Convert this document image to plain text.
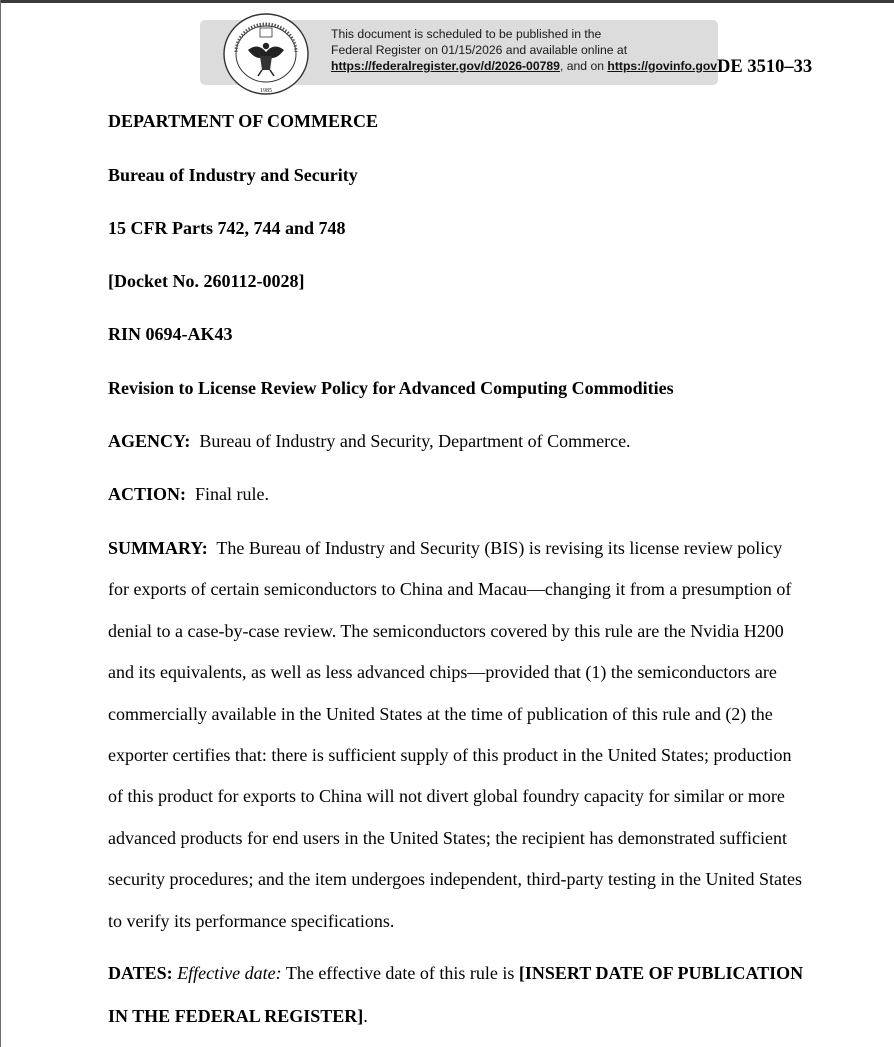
1985
This document is scheduled to be published in the
Federal Register on 01/15/2026 and available online at
https://federalregister.gov/d/2026-00789, and on https://govinfo.gov DE 3510–33
DEPARTMENT OF COMMERCE
Bureau of Industry and Security
15 CFR Parts 742, 744 and 748
[Docket No. 260112-0028]
RIN 0694-AK43
Revision to License Review Policy for Advanced Computing Commodities
AGENCY: Bureau of Industry and Security, Department of Commerce.
ACTION: Final rule.
SUMMARY: The Bureau of Industry and Security (BIS) is revising its license review policy
for exports of certain semiconductors to China and Macau—changing it from a presumption of
denial to a case-by-case review. The semiconductors covered by this rule are the Nvidia H200
and its equivalents, as well as less advanced chips—provided that (1) the semiconductors are
commercially available in the United States at the time of publication of this rule and (2) the
exporter certifies that: there is sufficient supply of this product in the United States; production
of this product for exports to China will not divert global foundry capacity for similar or more
advanced products for end users in the United States; the recipient has demonstrated sufficient
security procedures; and the item undergoes independent, third-party testing in the United States
to verify its performance specifications.
DATES: Effective date: The effective date of this rule is [INSERT DATE OF PUBLICATION
IN THE FEDERAL REGISTER].
